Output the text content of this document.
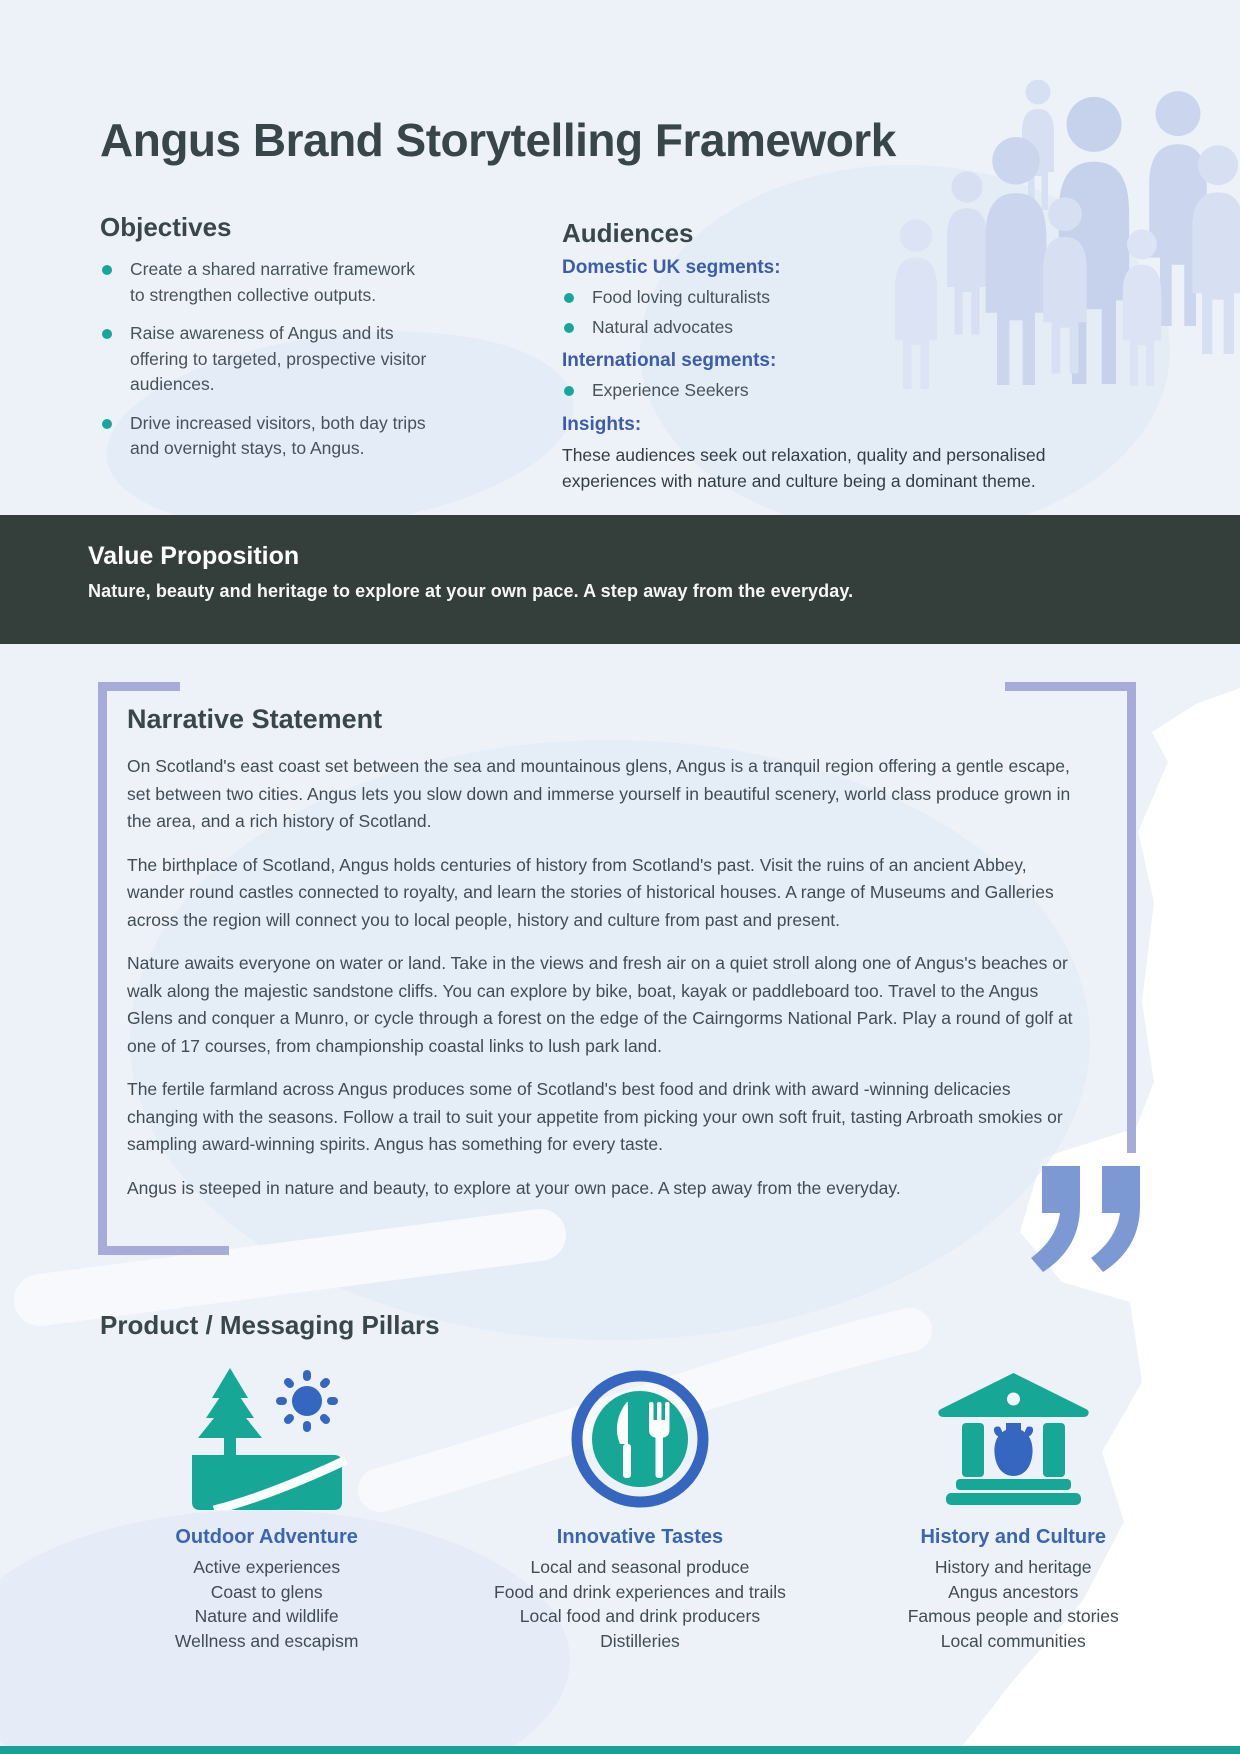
Angus Brand Storytelling Framework
Objectives
Create a shared narrative framework to strengthen collective outputs.
Raise awareness of Angus and its offering to targeted, prospective visitor audiences.
Drive increased visitors, both day trips and overnight stays, to Angus.
Audiences
Domestic UK segments:
Food loving culturalists
Natural advocates
International segments:
Experience Seekers
Insights:
These audiences seek out relaxation, quality and personalised experiences with nature and culture being a dominant theme.
Value Proposition

Nature, beauty and heritage to explore at your own pace. A step away from the everyday.

Narrative Statement

On Scotland's east coast set between the sea and mountainous glens, Angus is a tranquil region offering a gentle escape, set between two cities. Angus lets you slow down and immerse yourself in beautiful scenery, world class produce grown in the area, and a rich history of Scotland.

The birthplace of Scotland, Angus holds centuries of history from Scotland's past. Visit the ruins of an ancient Abbey, wander round castles connected to royalty, and learn the stories of historical houses. A range of Museums and Galleries across the region will connect you to local people, history and culture from past and present.

Nature awaits everyone on water or land. Take in the views and fresh air on a quiet stroll along one of Angus's beaches or walk along the majestic sandstone cliffs. You can explore by bike, boat, kayak or paddleboard too. Travel to the Angus Glens and conquer a Munro, or cycle through a forest on the edge of the Cairngorms National Park. Play a round of golf at one of 17 courses, from championship coastal links to lush park land.

The fertile farmland across Angus produces some of Scotland's best food and drink with award -winning delicacies changing with the seasons. Follow a trail to suit your appetite from picking your own soft fruit, tasting Arbroath smokies or sampling award-winning spirits. Angus has something for every taste.

Angus is steeped in nature and beauty, to explore at your own pace. A step away from the everyday.

Product / Messaging Pillars
Outdoor Adventure
Active experiences
Coast to glens
Nature and wildlife
Wellness and escapism
Innovative Tastes
Local and seasonal produce
Food and drink experiences and trails
Local food and drink producers
Distilleries
History and Culture
History and heritage
Angus ancestors
Famous people and stories
Local communities
